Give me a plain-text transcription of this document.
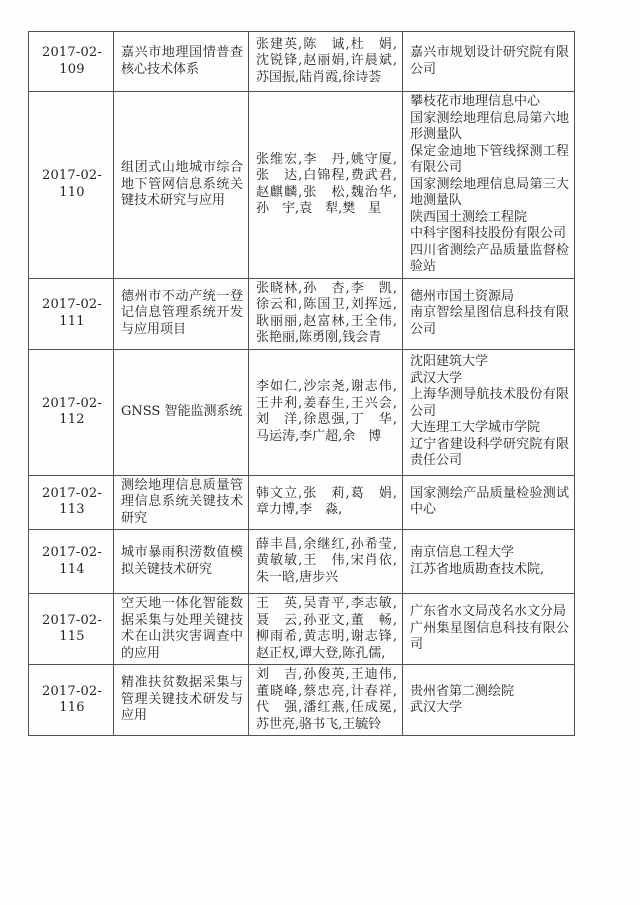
2017-02-109	嘉兴市地理国情普查核心技术体系	张建英,陈　诚,杜　娟,沈锐锋,赵丽娟,许晨斌,苏国振,陆肖霞,徐诗荟	嘉兴市规划设计研究院有限公司

2017-02-110	组团式山地城市综合地下管网信息系统关键技术研究与应用	张维宏,李　丹,姚守厦,张　达,白锦程,费武君,赵麒麟,张　松,魏治华,孙　宇,袁　犁,樊　星	
攀枝花市地理信息中心
国家测绘地理信息局第六地形测量队
保定金迪地下管线探测工程有限公司
国家测绘地理信息局第三大地测量队
陕西国土测绘工程院
中科宇图科技股份有限公司
四川省测绘产品质量监督检验站

2017-02-111	德州市不动产统一登记信息管理系统开发与应用项目	张晓林,孙　杏,李　凯,徐云和,陈国卫,刘挥远,耿丽丽,赵富林,王全伟,张艳丽,陈勇刚,钱会青	德州市国土资源局
南京智绘星图信息科技有限公司

2017-02-112	GNSS 智能监测系统	李如仁,沙宗尧,谢志伟,王井利,姜春生,王兴会,刘　洋,徐恩强,丁　华,马运涛,李广超,余　博	沈阳建筑大学
武汉大学
上海华测导航技术股份有限公司
大连理工大学城市学院
辽宁省建设科学研究院有限责任公司

2017-02-113	测绘地理信息质量管理信息系统关键技术研究	韩文立,张　莉,葛　娟,章力博,李　淼,	国家测绘产品质量检验测试中心

2017-02-114	城市暴雨积涝数值模拟关键技术研究	薛丰昌,余继红,孙希莹,黄敏敏,王　伟,宋肖依,朱一晗,唐步兴	南京信息工程大学
江苏省地质勘查技术院,

2017-02-115	空天地一体化智能数据采集与处理关键技术在山洪灾害调查中的应用	王　英,吴青平,李志敏,聂　云,孙亚文,董　畅,柳雨希,黄志明,谢志锋,赵正权,谭大登,陈孔儒,	广东省水文局茂名水文分局
广州集星图信息科技有限公司

2017-02-116	精准扶贫数据采集与管理关键技术研发与应用	刘　吉,孙俊英,王迪伟,董晓峰,蔡忠亮,计春祥,代　强,潘红燕,任成冕,苏世亮,骆书飞,王毓铃	贵州省第二测绘院
武汉大学
